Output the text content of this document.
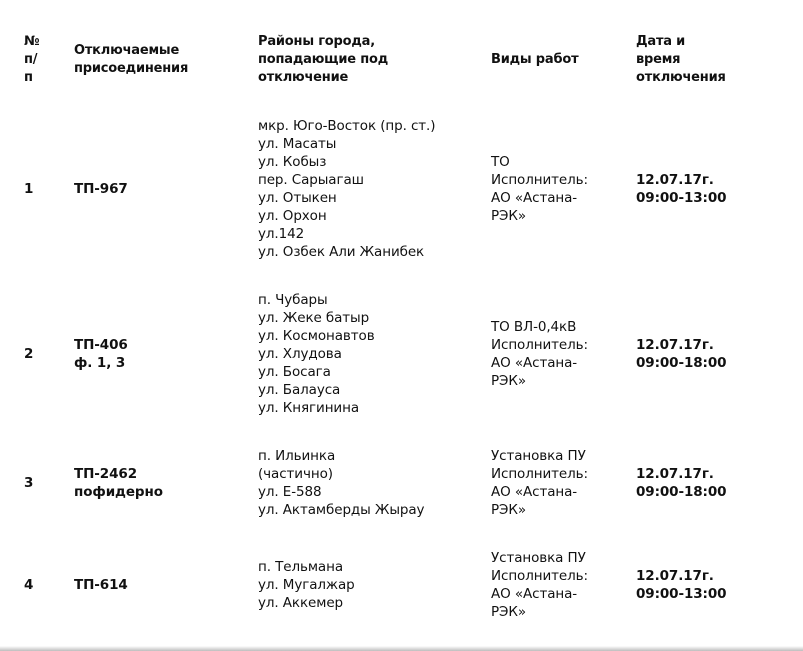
№
п/
п
Отключаемые
присоединения
Районы города,
попадающие под
отключение
Виды работ
Дата и
время
отключения
1	ТП-967
мкр. Юго-Восток (пр. ст.)
ул. Масаты
ул. Кобыз
пер. Сарыагаш
ул. Отыкен
ул. Орхон
ул.142
ул. Озбек Али Жанибек
ТО
Исполнитель:
АО «Астана-
РЭК»
12.07.17г.
09:00-13:00
2
ТП-406
ф. 1, 3
п. Чубары
ул. Жеке батыр
ул. Космонавтов
ул. Хлудова
ул. Босага
ул. Балауса
ул. Княгинина
ТО ВЛ-0,4кВ
Исполнитель:
АО «Астана-
РЭК»
12.07.17г.
09:00-18:00
3
ТП-2462
пофидерно
п. Ильинка
(частично)
ул. Е-588
ул. Актамберды Жырау
Установка ПУ
Исполнитель:
АО «Астана-
РЭК»
12.07.17г.
09:00-18:00
4	ТП-614
п. Тельмана
ул. Мугалжар
ул. Аккемер
Установка ПУ
Исполнитель:
АО «Астана-
РЭК»
12.07.17г.
09:00-13:00
